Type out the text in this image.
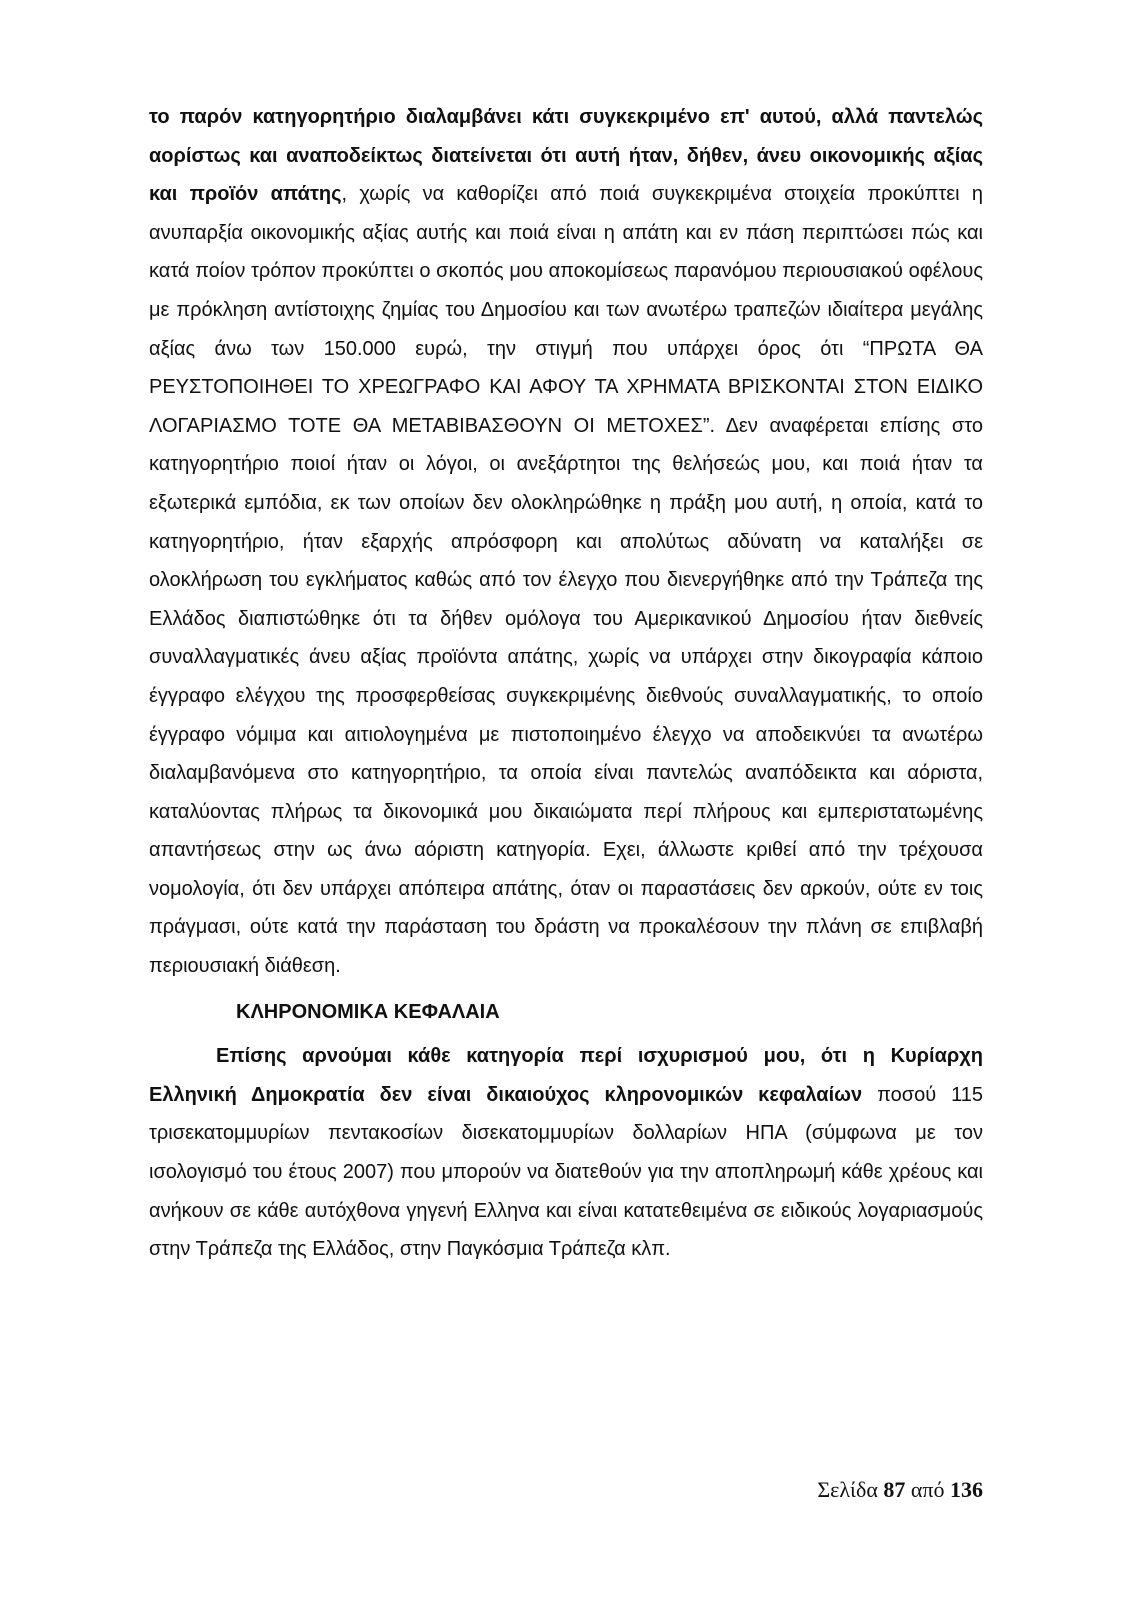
το παρόν κατηγορητήριο διαλαμβάνει κάτι συγκεκριμένο επ' αυτού, αλλά παντελώς αορίστως και αναποδείκτως διατείνεται ότι αυτή ήταν, δήθεν, άνευ οικονομικής αξίας και προϊόν απάτης, χωρίς να καθορίζει από ποιά συγκεκριμένα στοιχεία προκύπτει η ανυπαρξία οικονομικής αξίας αυτής και ποιά είναι η απάτη και εν πάση περιπτώσει πώς και κατά ποίον τρόπον προκύπτει ο σκοπός μου αποκομίσεως παρανόμου περιουσιακού οφέλους με πρόκληση αντίστοιχης ζημίας του Δημοσίου και των ανωτέρω τραπεζών ιδιαίτερα μεγάλης αξίας άνω των 150.000 ευρώ, την στιγμή που υπάρχει όρος ότι “ΠΡΩΤΑ ΘΑ ΡΕΥΣΤΟΠΟΙΗΘΕΙ ΤΟ ΧΡΕΩΓΡΑΦΟ ΚΑΙ ΑΦΟΥ ΤΑ ΧΡΗΜΑΤΑ ΒΡΙΣΚΟΝΤΑΙ ΣΤΟΝ ΕΙΔΙΚΟ ΛΟΓΑΡΙΑΣΜΟ ΤΟΤΕ ΘΑ ΜΕΤΑΒΙΒΑΣΘΟΥΝ ΟΙ ΜΕΤΟΧΕΣ”. Δεν αναφέρεται επίσης στο κατηγορητήριο ποιοί ήταν οι λόγοι, οι ανεξάρτητοι της θελήσεώς μου, και ποιά ήταν τα εξωτερικά εμπόδια, εκ των οποίων δεν ολοκληρώθηκε η πράξη μου αυτή, η οποία, κατά το κατηγορητήριο, ήταν εξαρχής απρόσφορη και απολύτως αδύνατη να καταλήξει σε ολοκλήρωση του εγκλήματος καθώς από τον έλεγχο που διενεργήθηκε από την Τράπεζα της Ελλάδος διαπιστώθηκε ότι τα δήθεν ομόλογα του Αμερικανικού Δημοσίου ήταν διεθνείς συναλλαγματικές άνευ αξίας προϊόντα απάτης, χωρίς να υπάρχει στην δικογραφία κάποιο έγγραφο ελέγχου της προσφερθείσας συγκεκριμένης διεθνούς συναλλαγματικής, το οποίο έγγραφο νόμιμα και αιτιολογημένα με πιστοποιημένο έλεγχο να αποδεικνύει τα ανωτέρω διαλαμβανόμενα στο κατηγορητήριο, τα οποία είναι παντελώς αναπόδεικτα και αόριστα, καταλύοντας πλήρως τα δικονομικά μου δικαιώματα περί πλήρους και εμπεριστατωμένης απαντήσεως στην ως άνω αόριστη κατηγορία. Εχει, άλλωστε κριθεί από την τρέχουσα νομολογία, ότι δεν υπάρχει απόπειρα απάτης, όταν οι παραστάσεις δεν αρκούν, ούτε εν τοις πράγμασι, ούτε κατά την παράσταση του δράστη να προκαλέσουν την πλάνη σε επιβλαβή περιουσιακή διάθεση.

ΚΛΗΡΟΝΟΜΙΚΑ ΚΕΦΑΛΑΙΑ

Επίσης αρνούμαι κάθε κατηγορία περί ισχυρισμού μου, ότι η Κυρίαρχη Ελληνική Δημοκρατία δεν είναι δικαιούχος κληρονομικών κεφαλαίων ποσού 115 τρισεκατομμυρίων πεντακοσίων δισεκατομμυρίων δολλαρίων ΗΠΑ (σύμφωνα με τον ισολογισμό του έτους 2007) που μπορούν να διατεθούν για την αποπληρωμή κάθε χρέους και ανήκουν σε κάθε αυτόχθονα γηγενή Ελληνα και είναι κατατεθειμένα σε ειδικούς λογαριασμούς στην Τράπεζα της Ελλάδος, στην Παγκόσμια Τράπεζα κλπ.

Σελίδα 87 από 136
